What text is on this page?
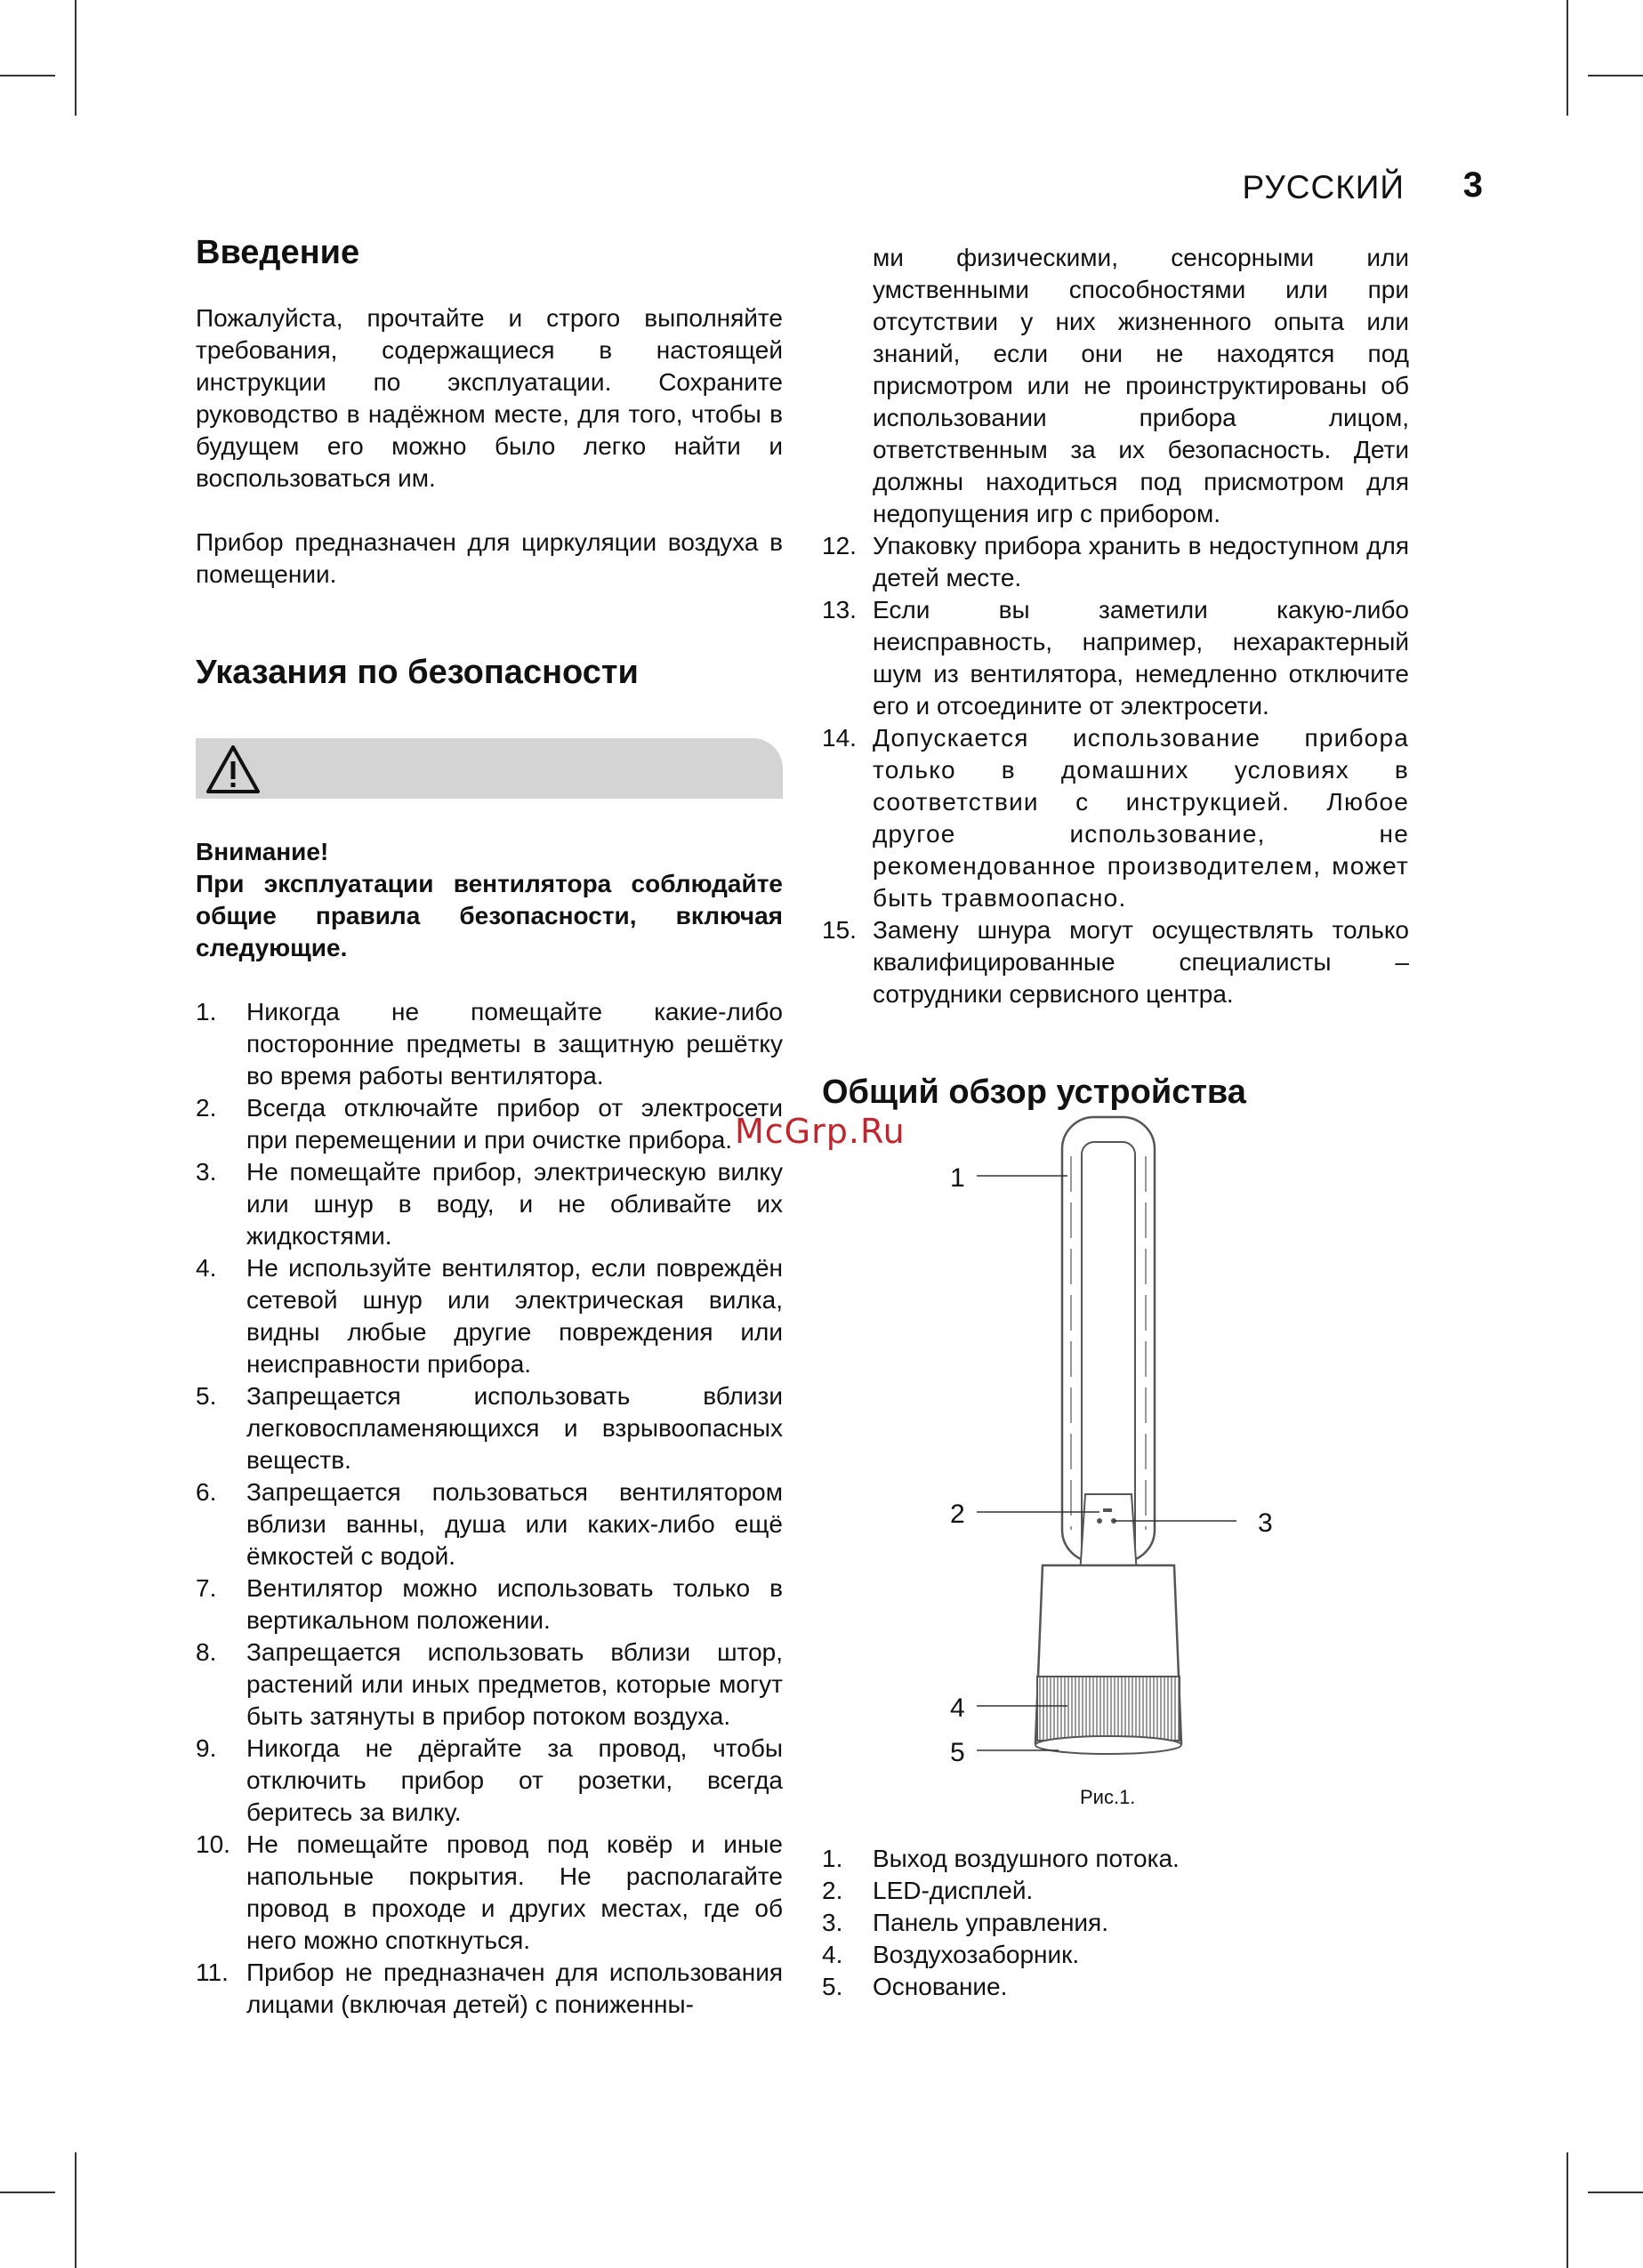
РУССКИЙ 3
Введение

Пожалуйста, прочтайте и строго выполняйте требования, содержащиеся в настоящей инструкции по эксплуатации. Сохраните руководство в надёжном месте, для того, чтобы в будущем его можно было легко найти и воспользоваться им.

Прибор предназначен для циркуляции воздуха в помещении.

Указания по безопасности
Внимание!

При эксплуатации вентилятора соблюдайте общие правила безопасности, включая следующие.

1. Никогда не помещайте какие-либо посторонние предметы в защитную решётку во время работы вентилятора.
2. Всегда отключайте прибор от электросети при перемещении и при очистке прибора.
3. Не помещайте прибор, электрическую вилку или шнур в воду, и не обливайте их жидкостями.
4. Не используйте вентилятор, если повреждён сетевой шнур или электрическая вилка, видны любые другие повреждения или неисправности прибора.
5. Запрещается использовать вблизи легковоспламеняющихся и взрывоопасных веществ.
6. Запрещается пользоваться вентилятором вблизи ванны, душа или каких-либо ещё ёмкостей с водой.
7. Вентилятор можно использовать только в вертикальном положении.
8. Запрещается использовать вблизи штор, растений или иных предметов, которые могут быть затянуты в прибор потоком воздуха.
9. Никогда не дёргайте за провод, чтобы отключить прибор от розетки, всегда беритесь за вилку.
10. Не помещайте провод под ковёр и иные напольные покрытия. Не располагайте провод в проходе и других местах, где об него можно споткнуться.
11. Прибор не предназначен для использования лицами (включая детей) с пониженны-

ми физическими, сенсорными или умственными способностями или при отсутствии у них жизненного опыта или знаний, если они не находятся под присмотром или не проинструктированы об использовании прибора лицом, ответственным за их безопасность. Дети должны находиться под присмотром для недопущения игр с прибором.

12. Упаковку прибора хранить в недоступном для детей месте.
13. Если вы заметили какую-либо неисправность, например, нехарактерный шум из вентилятора, немедленно отключите его и отсоедините от электросети.
14. Допускается использование прибора только в домашних условиях в соответствии с инструкцией. Любое другое использование, не рекомендованное производителем, может быть травмоопасно.
15. Замену шнура могут осуществлять только квалифицированные специалисты – сотрудники сервисного центра.
Общий обзор устройства
McGrp.Ru
1
2	3
4
5
Рис.1.
1. Выход воздушного потока.
2. LED-дисплей.
3. Панель управления.
4. Воздухозаборник.
5. Основание.
